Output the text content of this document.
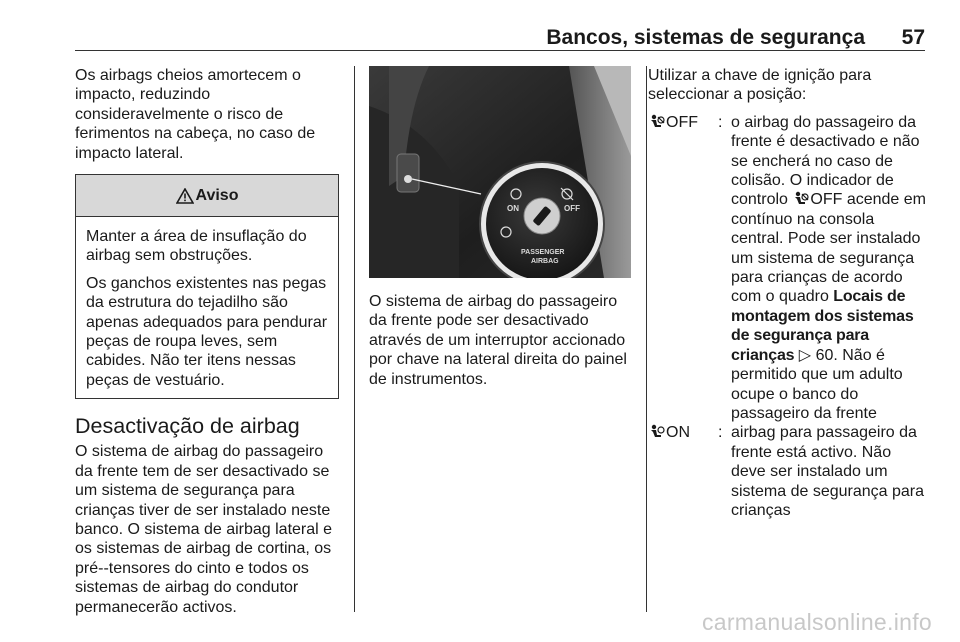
Bancos, sistemas de segurança 57

Os airbags cheios amortecem o impacto, reduzindo consideravelmente o risco de ferimentos na cabeça, no caso de impacto lateral.

Aviso

Manter a área de insuflação do airbag sem obstruções.

Os ganchos existentes nas pegas da estrutura do tejadilho são apenas adequados para pendurar peças de roupa leves, sem cabides. Não ter itens nessas peças de vestuário.

Desactivação de airbag

O sistema de airbag do passageiro da frente tem de ser desactivado se um sistema de segurança para crianças tiver de ser instalado neste banco. O sistema de airbag lateral e os sistemas de airbag de cortina, os pré--tensores do cinto e todos os sistemas de airbag do condutor permanecerão activos.

ON	OFF
PASSENGER
AIRBAG

O sistema de airbag do passageiro da frente pode ser desactivado através de um interruptor accionado por chave na lateral direita do painel de instrumentos.

Utilizar a chave de ignição para seleccionar a posição:

OFF	: o airbag do passageiro da frente é desactivado e não se encherá no caso de colisão. O indicador de controlo OFF acende em contínuo na consola central. Pode ser instalado um sistema de segurança para crianças de acordo com o quadro Locais de montagem dos sistemas de segurança para crianças ▷ 60. Não é permitido que um adulto ocupe o banco do passageiro da frente
ON	: airbag para passageiro da frente está activo. Não deve ser instalado um sistema de segurança para crianças
carmanualsonline.info
